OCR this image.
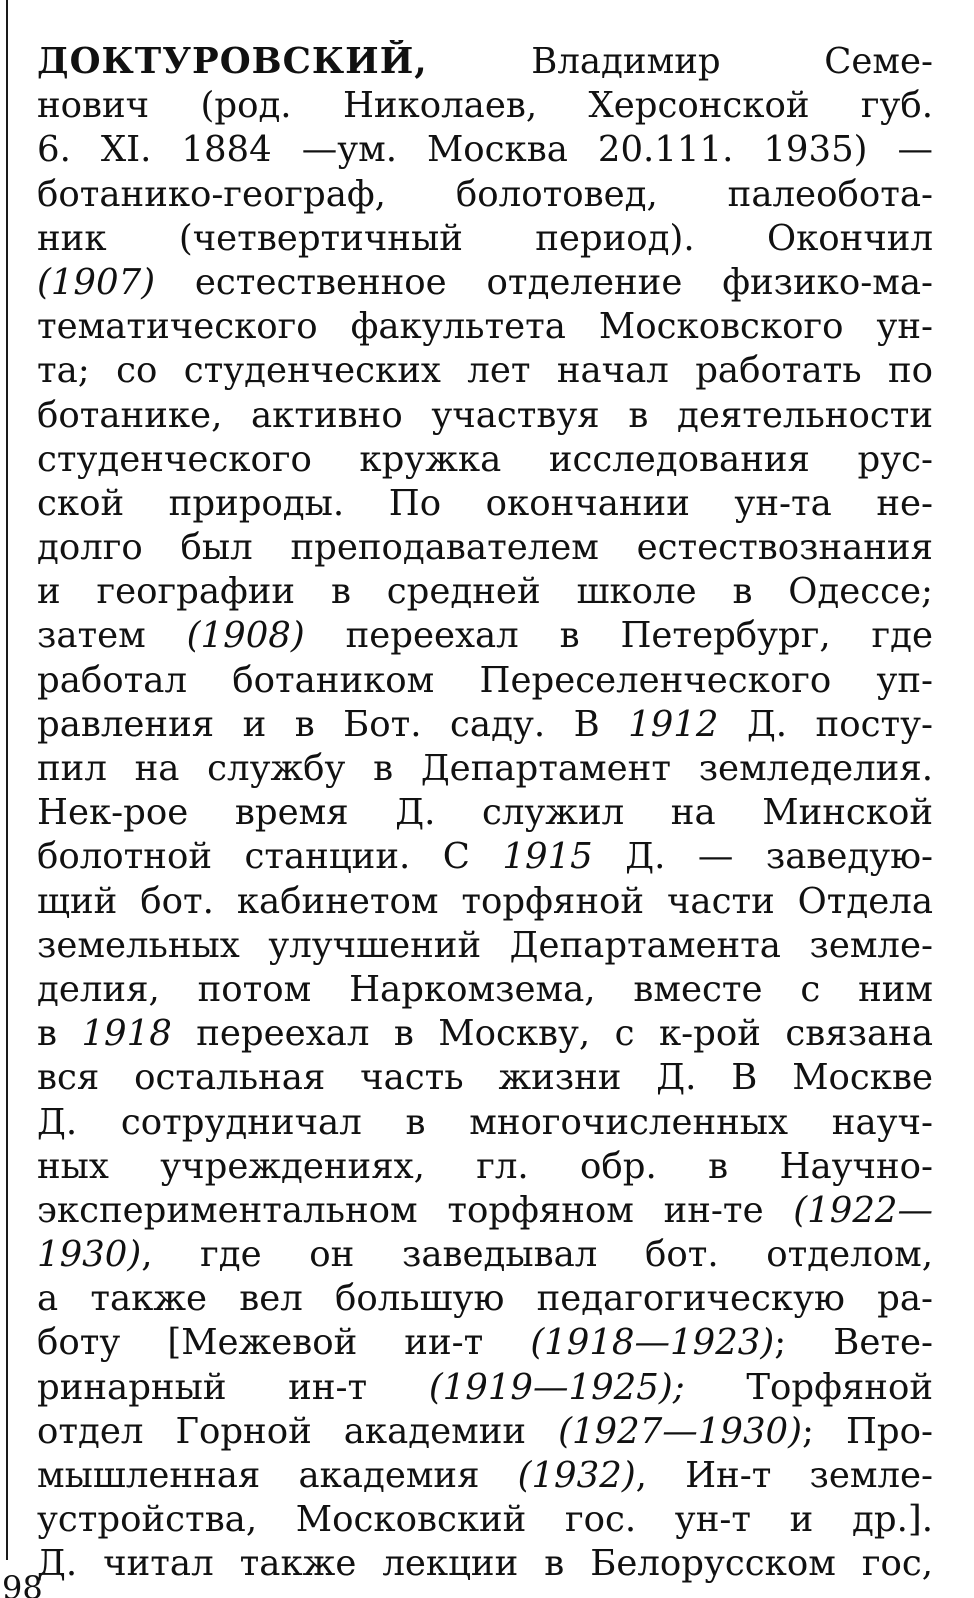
ДОКТУРОВСКИЙ, Владимир Семе-
нович (род. Николаев, Херсонской губ.
6. XI. 1884 —ум. Москва 20.111. 1935) —
ботанико-географ, болотовед, палеобота-
ник (четвертичный период). Окончил
(1907) естественное отделение физико-ма-
тематического факультета Московского ун-
та; со студенческих лет начал работать по
ботанике, активно участвуя в деятельности
студенческого кружка исследования рус-
ской природы. По окончании ун-та не-
долго был преподавателем естествознания
и географии в средней школе в Одессе;
затем (1908) переехал в Петербург, где
работал ботаником Переселенческого уп-
равления и в Бот. саду. В 1912 Д. посту-
пил на службу в Департамент земледелия.
Нек-рое время Д. служил на Минской
болотной станции. С 1915 Д. — заведую-
щий бот. кабинетом торфяной части Отдела
земельных улучшений Департамента земле-
делия, потом Наркомзема, вместе с ним
в 1918 переехал в Москву, с к-рой связана
вся остальная часть жизни Д. В Москве
Д. сотрудничал в многочисленных науч-
ных учреждениях, гл. обр. в Научно-
экспериментальном торфяном ин-те (1922—
1930), где он заведывал бот. отделом,
а также вел большую педагогическую ра-
боту [Межевой ии-т (1918—1923); Вете-
ринарный ин-т (1919—1925); Торфяной
отдел Горной академии (1927—1930); Про-
мышленная академия (1932), Ин-т земле-
устройства, Московский гос. ун-т и др.].
Д. читал также лекции в Белорусском гос,
98
